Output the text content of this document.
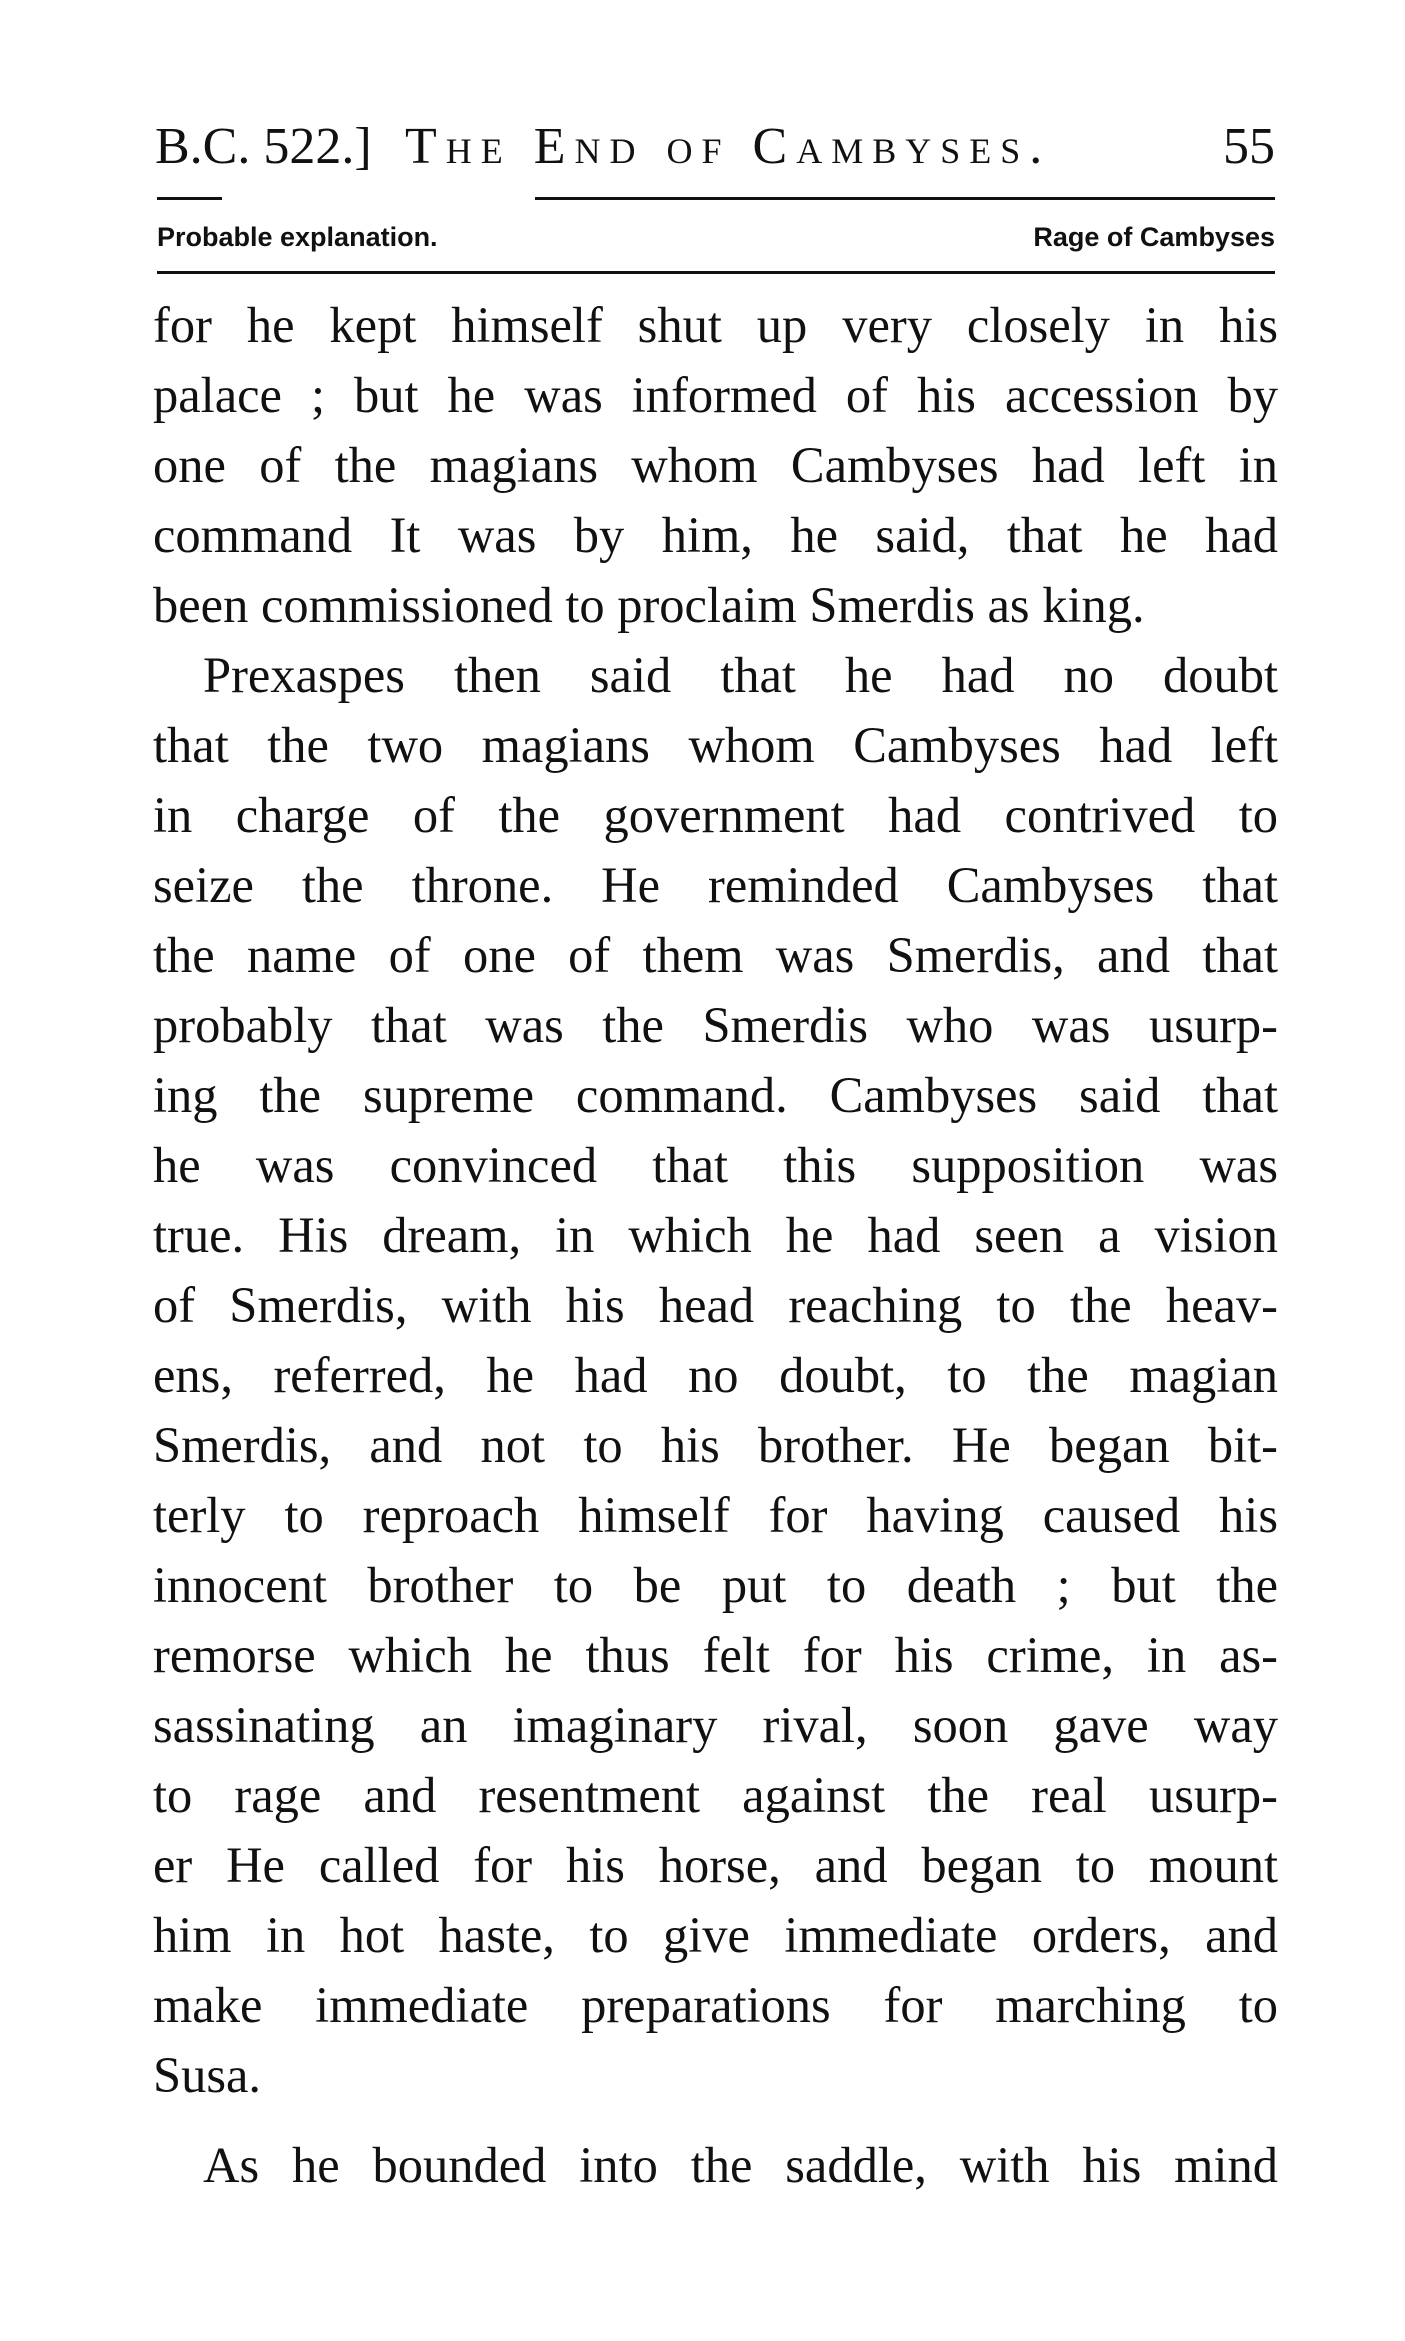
B.C. 522.] The End of Cambyses.	55
Probable explanation.	Rage of Cambyses
for he kept himself shut up very closely in his
palace ; but he was informed of his accession by
one of the magians whom Cambyses had left in
command It was by him, he said, that he had
been commissioned to proclaim Smerdis as king.
Prexaspes then said that he had no doubt
that the two magians whom Cambyses had left
in charge of the government had contrived to
seize the throne. He reminded Cambyses that
the name of one of them was Smerdis, and that
probably that was the Smerdis who was usurp-
ing the supreme command. Cambyses said that
he was convinced that this supposition was
true. His dream, in which he had seen a vision
of Smerdis, with his head reaching to the heav-
ens, referred, he had no doubt, to the magian
Smerdis, and not to his brother. He began bit-
terly to reproach himself for having caused his
innocent brother to be put to death ; but the
remorse which he thus felt for his crime, in as-
sassinating an imaginary rival, soon gave way
to rage and resentment against the real usurp-
er He called for his horse, and began to mount
him in hot haste, to give immediate orders, and
make immediate preparations for marching to
Susa.
As he bounded into the saddle, with his mind
